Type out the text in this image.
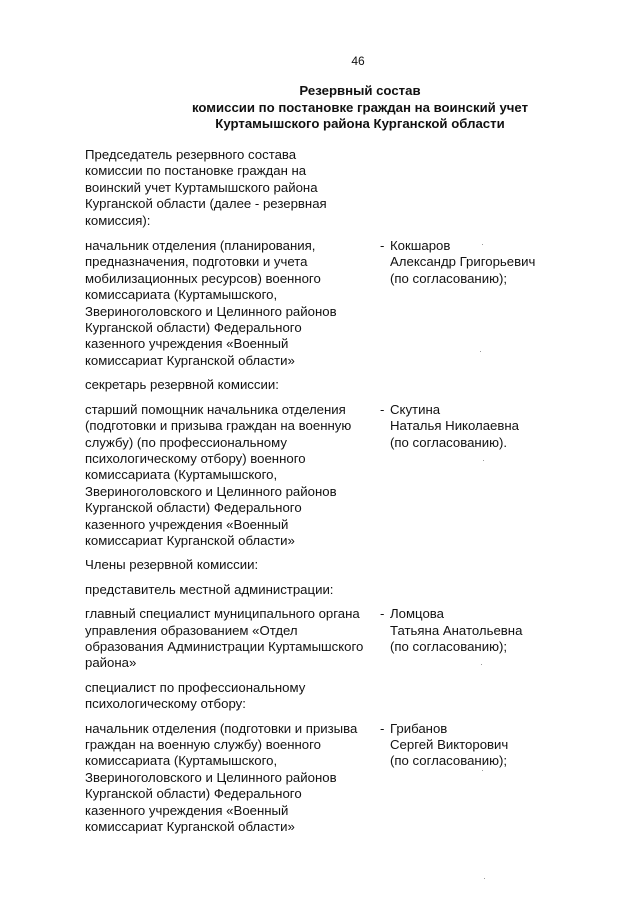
46
Резервный состав
комиссии по постановке граждан на воинский учет
Куртамышского района Курганской области
Председатель резервного состава
комиссии по постановке граждан на
воинский учет Куртамышского района
Курганской области (далее - резервная
комиссия):
начальник отделения (планирования,
предназначения, подготовки и учета
мобилизационных ресурсов) военного
комиссариата (Куртамышского,
Звериноголовского и Целинного районов
Курганской области) Федерального
казенного учреждения «Военный
комиссариат Курганской области»
- Кокшаров
Александр Григорьевич
(по согласованию);
секретарь резервной комиссии:
старший помощник начальника отделения
(подготовки и призыва граждан на военную
службу) (по профессиональному
психологическому отбору) военного
комиссариата (Куртамышского,
Звериноголовского и Целинного районов
Курганской области) Федерального
казенного учреждения «Военный
комиссариат Курганской области»
- Скутина
Наталья Николаевна
(по согласованию).
Члены резервной комиссии:
представитель местной администрации:
главный специалист муниципального органа
управления образованием «Отдел
образования Администрации Куртамышского
района»
- Ломцова
Татьяна Анатольевна
(по согласованию);
специалист по профессиональному
психологическому отбору:
начальник отделения (подготовки и призыва
граждан на военную службу) военного
комиссариата (Куртамышского,
Звериноголовского и Целинного районов
Курганской области) Федерального
казенного учреждения «Военный
комиссариат Курганской области»
- Грибанов
Сергей Викторович
(по согласованию);
